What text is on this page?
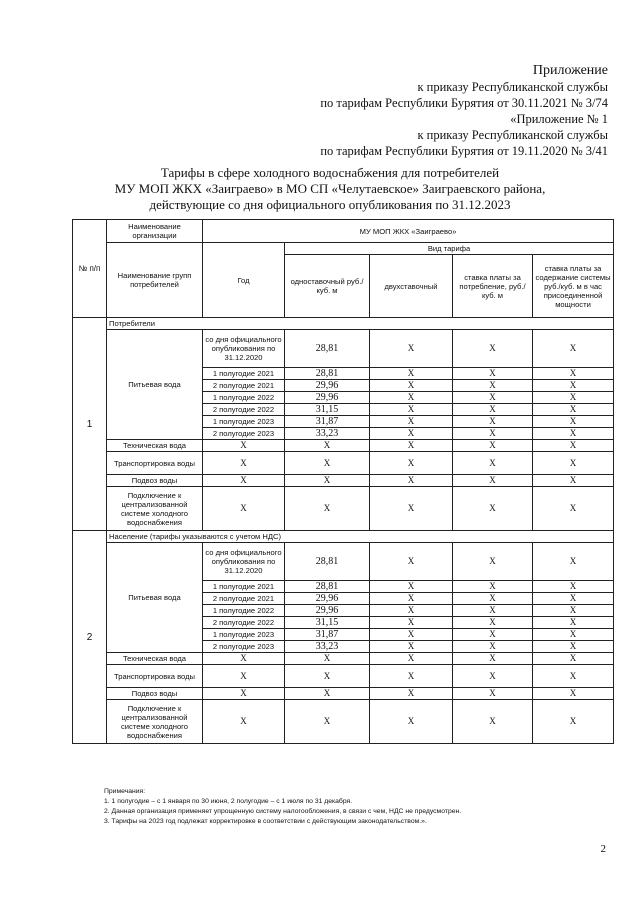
Приложение
к приказу Республиканской службы
по тарифам Республики Бурятия от 30.11.2021 № 3/74
«Приложение № 1
к приказу Республиканской службы
по тарифам Республики Бурятия от 19.11.2020 № 3/41
Тарифы в сфере холодного водоснабжения для потребителей
МУ МОП ЖКХ «Заиграево» в МО СП «Челутаевское» Заиграевского района,
действующие со дня официального опубликования по 31.12.2023
№ п/п	Наименование организации	МУ МОП ЖКХ «Заиграево»				
	Наименование групп потребителей	Год	Вид тарифа			
			одноставочный руб./ куб. м	двухставочный	ставка платы за потребление, руб./ куб. м	ставка платы за содержание системы руб./куб. м в час присоединенной мощности
1	Потребители					
	Питьевая вода	со дня официального опубликования по 31.12.2020	28,81	X	X	X
		1 полугодие 2021	28,81	X	X	X
		2 полугодие 2021	29,96	X	X	X
		1 полугодие 2022	29,96	X	X	X
		2 полугодие 2022	31,15	X	X	X
		1 полугодие 2023	31,87	X	X	X
		2 полугодие 2023	33,23	X	X	X
	Техническая вода	X	X	X	X	X
	Транспортировка воды	X	X	X	X	X
	Подвоз воды	X	X	X	X	X
	Подключение к централизованной системе холодного водоснабжения	X	X	X	X	X
2	Население (тарифы указываются с учетом НДС)					
	Питьевая вода	со дня официального опубликования по 31.12.2020	28,81	X	X	X
		1 полугодие 2021	28,81	X	X	X
		2 полугодие 2021	29,96	X	X	X
		1 полугодие 2022	29,96	X	X	X
		2 полугодие 2022	31,15	X	X	X
		1 полугодие 2023	31,87	X	X	X
		2 полугодие 2023	33,23	X	X	X
	Техническая вода	X	X	X	X	X
	Транспортировка воды	X	X	X	X	X
	Подвоз воды	X	X	X	X	X
	Подключение к централизованной системе холодного водоснабжения	X	X	X	X	X
Примечания:
1. 1 полугодие – с 1 января по 30 июня, 2 полугодие – с 1 июля по 31 декабря.
2. Данная организация применяет упрощенную систему налогообложения, в связи с чем, НДС не предусмотрен.
3. Тарифы на 2023 год подлежат корректировке в соответствии с действующим законодательством.».
2
